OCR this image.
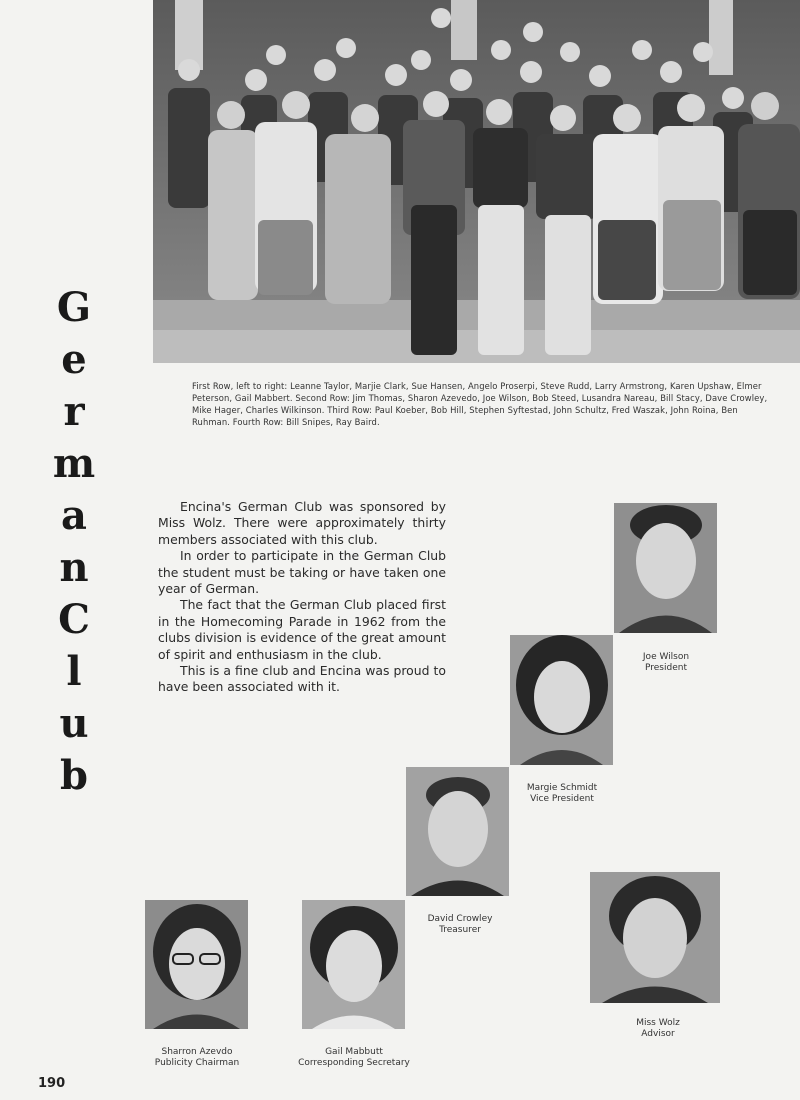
First Row, left to right: Leanne Taylor, Marjie Clark, Sue Hansen, Angelo Proserpi, Steve Rudd, Larry Armstrong, Karen Upshaw, Elmer Peterson, Gail Mabbert. Second Row: Jim Thomas, Sharon Azevedo, Joe Wilson, Bob Steed, Lusandra Nareau, Bill Stacy, Dave Crowley, Mike Hager, Charles Wilkinson. Third Row: Paul Koeber, Bob Hill, Stephen Syftestad, John Schultz, Fred Waszak, John Roina, Ben Ruhman. Fourth Row: Bill Snipes, Ray Baird.
G
e
r
m
a
n
C
l
u
b

Encina's German Club was sponsored by Miss Wolz. There were approximately thirty members associated with this club.

In order to participate in the German Club the student must be taking or have taken one year of German.

The fact that the German Club placed first in the Homecoming Parade in 1962 from the clubs division is evidence of the great amount of spirit and enthusiasm in the club.

This is a fine club and Encina was proud to have been associated with it.

Joe Wilson
President
Margie Schmidt
Vice President
David Crowley
Treasurer
Sharron Azevdo
Publicity Chairman
Gail Mabbutt
Corresponding Secretary
Miss Wolz
Advisor
190
